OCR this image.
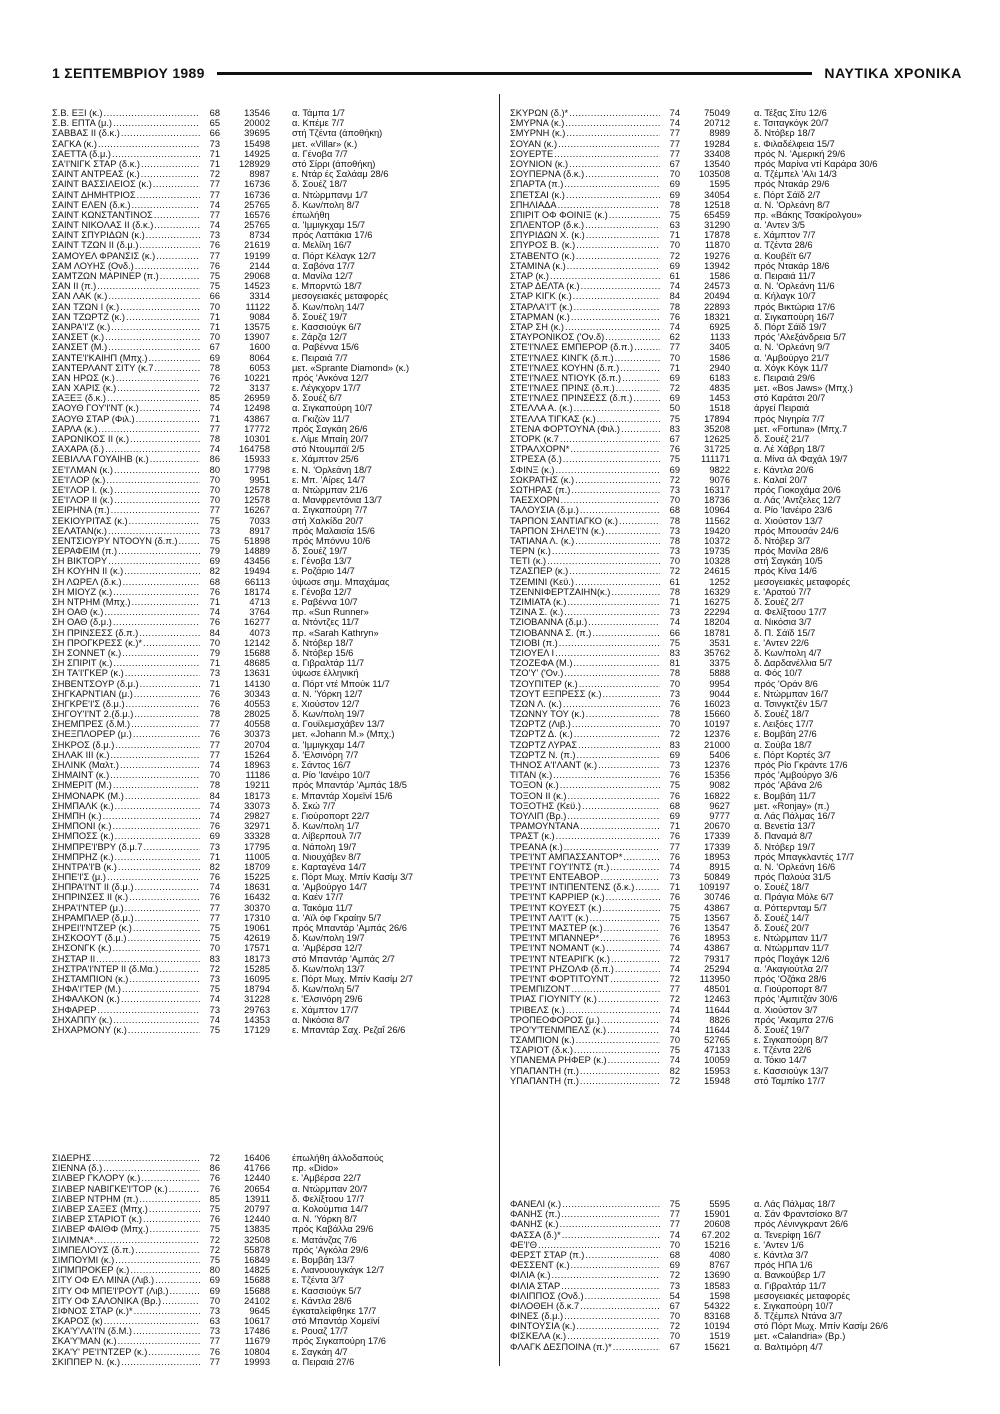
1 ΣΕΠΤΕΜΒΡΙΟΥ 1989	ΝΑΥΤΙΚΑ ΧΡΟΝΙΚΑ
Σ.Β. ΕΞΙ (κ.) .....	68	13546	α. Τάμπα 1/7
Σ.Β. ΕΠΤΑ (μ.) .....	65	20002	α. Κπέμε 7/7
ΣΑΒΒΑΣ II (δ.κ.) .....	66	39695	στή Τζέντα (άποθήκη)
ΣΑΓΚΑ (κ.) .....	73	15498	μετ. «Villar» (κ.)
ΣΑΕΤΤΑ (δ.μ.) .....	71	14925	α. Γένοβα 7/7
ΣΑ'Ι'ΝΙΓΚ ΣΤΑΡ (δ.κ.) .....	71	128929	στό Σίρρι (άποθήκη)
ΣΑΙΝΤ ΑΝΤΡΕΑΣ (κ.) .....	72	8987	ε. Ντάρ ές Σαλάαμ 28/6
ΣΑΙΝΤ ΒΑΣΣΙΛΕΙΟΣ (κ.) .....	77	16736	δ. Σουέζ 18/7
ΣΑΙΝΤ ΔΗΜΗΤΡΙΟΣ .....	77	16736	α. Ντώρμπανμ 1/7
ΣΑΙΝΤ ΕΛΕΝ (δ.κ.) .....	74	25765	δ. Κων/πολη 8/7
ΣΑΙΝΤ ΚΩΝΣΤΑΝΤΙΝΟΣ .....	77	16576	έπωλήθη
ΣΑΙΝΤ ΝΙΚΟΛΑΣ II (δ.κ.) .....	74	25765	α. 'Ιμμιγκχαμ 15/7
ΣΑΙΝΤ ΣΠΥΡΙΔΩΝ (κ.) .....	73	8734	πρός Λαττάκια 17/6
ΣΑΙΝΤ ΤΖΩΝ II (δ.μ.) .....	76	21619	α. Μελίλη 16/7
ΣΑΜΟΥΕΛ ΦΡΑΝΣΙΣ (κ.) .....	77	19199	α. Πόρτ Κέλαγκ 12/7
ΣΑΜ ΛΟΥΗΣ (Ονδ.) .....	76	2144	α. Σαβόνα 17/7
ΣΑΜΤΖΩΝ ΜΑΡΙΝΕΡ (π.) .....	75	29068	α. Μανίλα 12/7
ΣΑΝ II (π.) .....	75	14523	ε. Μπορντώ 18/7
ΣΑΝ ΛΑΚ (κ.) .....	66	3314	μεσογειακές μεταφορές
ΣΑΝ ΤΖΩΝ I (κ.) .....	70	11122	δ. Κων/πολη 14/7
ΣΑΝ ΤΖΩΡΤΖ (κ.) .....	71	9084	δ. Σουέζ 19/7
ΣΑΝΡΑ'Ι'Ζ (κ.) .....	71	13575	ε. Κασσιούγκ 6/7
ΣΑΝΣΕΤ (κ.) .....	70	13907	ε. Ζάρζα 12/7
ΣΑΝΣΕΤ (Μ.) .....	67	1600	α. Ραβέννα 15/6
ΣΑΝΤΕ'Ι'ΚΑΙΗΠ (Μπχ.) .....	69	8064	ε. Πειραιά 7/7
ΣΑΝΤΕΡΛΑΝΤ ΣΙΤΥ (κ.7 .....	78	6053	μετ. «Sprante Diamond» (κ.)
ΣΑΝ ΗΡΩΣ (κ.) .....	76	10221	πρός 'Ανκόνα 12/7
ΣΑΝ ΧΑΡΙΣ (κ.) .....	72	3137	ε. Λέγκχορν 17/7
ΣΑΞΕΞ (δ.κ.) .....	85	26959	δ. Σουέζ 6/7
ΣΑΟΥΘ ΓΟΥ'Ι'ΝΤ (κ.) .....	74	12498	α. Σιγκαπούρη 10/7
ΣΑΟΥΘ ΣΤΑΡ (Φιλ.) .....	71	43867	α. Γκιζών 11/7
ΣΑΡΛΑ (κ.) .....	77	17772	πρός Σαγκάη 26/6
ΣΑΡΩΝΙΚΟΣ II (κ.) .....	78	10301	ε. Λίμε Μπαίη 20/7
ΣΑΧΑΡΑ (δ.) .....	74	164758	στό Ντουμπάϊ 2/5
ΣΕΒΙΛΛΑ ΓΟΥΑΙΗΒ (κ.) .....	86	15933	ε. Χάμπτον 25/6
ΣΕ'Ι'ΛΜΑΝ (κ.) .....	80	17798	ε. Ν. 'Ορλεάνη 18/7
ΣΕ'Ι'ΛΟΡ (κ.) .....	70	9951	ε. Μπ. 'Αίρες 14/7
ΣΕ'Ι'ΛΟΡ I. (κ.) .....	70	12578	α. Ντώρμπαν 21/6
ΣΕ'Ι'ΛΟΡ II (κ.) .....	70	12578	α. Μανφρεντόνια 13/7
ΣΕΙΡΗΝΑ (π.) .....	77	16267	α. Σιγκαπούρη 7/7
ΣΕΚΙΟΥΡΙΤΑΣ (κ.) .....	75	7033	στή Χαλκίδα 20/7
ΣΕΛΑΤΑΝ(κ.) .....	73	8917	πρός Μαλαισία 15/6
ΣΕΝΤΣΙΟΥΡΥ ΝΤΟΟΥΝ (δ.π.) .....	75	51898	πρός Μπόννυ 10/6
ΣΕΡΑΦΕΙΜ (π.) .....	79	14889	δ. Σουέζ 19/7
ΣΗ ΒΙΚΤΟΡΥ .....	69	43456	ε. Γένοβα 13/7
ΣΗ ΚΟΥΗΝ II (κ.) .....	82	19494	ε. Ροζάριο 14/7
ΣΗ ΛΩΡΕΛ (δ.κ.) .....	68	66113	ύψωσε σημ. Μπαχάμας
ΣΗ ΜΙΟΥΖ (κ.) .....	76	18174	ε. Γένοβα 12/7
ΣΗ ΝΤΡΗΜ (Μπχ.) .....	71	4713	ε. Ραβέννα 10/7
ΣΗ ΟΑΘ (κ.) .....	74	3764	πρ. «Sun Runner»
ΣΗ ΟΑΘ (δ.μ.) .....	76	16277	α. Ντόντζες 11/7
ΣΗ ΠΡΙΝΣΕΣΣ (δ.π.) .....	84	4073	πρ. «Sarah Kathryn»
ΣΗ ΠΡΟΓΚΡΕΣΣ (κ.)* .....	70	12142	δ. Ντόβερ 18/7
ΣΗ ΣΟΝΝΕΤ (κ.) .....	79	15688	δ. Ντόβερ 15/6
ΣΗ ΣΠΙΡΙΤ (κ.) .....	71	48685	α. Γιβραλτάρ 11/7
ΣΗ ΤΑ'Ι'ΓΚΕΡ (κ.) .....	73	13631	ύψωσε έλληνική
ΣΗΒΕΝΤΣΟΥΡ (δ.μ.) .....	71	14130	α. Πόρτ ντέ Μπούκ 11/7
ΣΗΓΚΑΡΝΤΙΑΝ (μ.) .....	76	30343	α. Ν. 'Υόρκη 12/7
ΣΗΓΚΡΕ'Ι'Σ (δ.μ.) .....	76	40553	ε. Χιούστον 12/7
ΣΗΓΟΥ'Ι'ΝΤ 2.(δ.μ.) .....	78	28025	δ. Κων/πολη 19/7
ΣΗΕΜΠΡΕΣ (δ.Μ.) .....	77	40558	α. Γουϊλεμσχάβεν 13/7
ΣΗΕΞΠΛΟΡΕΡ (μ.) .....	76	30373	μετ. «Johann M.» (Μπχ.)
ΣΗΚΡΟΣ (δ.μ.) .....	77	20704	α. 'Ιμμιγκχαμ 14/7
ΣΗΛΑΚ III (κ.) .....	77	15264	δ. 'Ελσινόρη 7/7
ΣΗΛΙΝΚ (Μαλτ.) .....	74	18963	ε. Σάντος 16/7
ΣΗΜΑΙΝΤ (κ.) .....	70	11186	α. Ρίο 'Ιανέιρο 10/7
ΣΗΜΕΡΙΤ (Μ.) .....	78	19211	πρός Μπαντάρ 'Αμπάς 18/5
ΣΗΜΟΝΑΡΚ (Μ.) .....	84	18173	ε. Μπαντάρ Χομεϊνί 15/6
ΣΗΜΠΑΛΚ (κ.) .....	74	33073	δ. Σκώ 7/7
ΣΗΜΠΗ (κ.) .....	74	29827	ε. Γιούροπορτ 22/7
ΣΗΜΠΟΝΙ (κ.) .....	76	32971	δ. Κων/πολη 1/7
ΣΗΜΠΟΣΣ (κ.) .....	69	33328	α. Λίβερπουλ 7/7
ΣΗΜΠΡΕ'Ι'ΒΡΥ (δ.μ.7 .....	73	17795	α. Νάπολη 19/7
ΣΗΜΠΡΗΖ (κ.) .....	71	11005	α. Νιουχάβεν 8/7
ΣΗΝΤΡΑ'Ι'Β (κ.) .....	82	18709	ε. Καρταγένα 14/7
ΣΗΠΕ'Ι'Σ (μ.) .....	76	15225	ε. Πόρτ Μωχ. Μπίν Κασίμ 3/7
ΣΗΠΡΑ'Ι'ΝΤ II (δ.μ.) .....	74	18631	α. 'Αμβούργο 14/7
ΣΗΠΡΙΝΣΕΣ II (κ.) .....	76	16432	α. Καέν 17/7
ΣΗΡΑ'Ι'ΝΤΕΡ (μ.) .....	77	30370	α. Τακόμα 11/7
ΣΗΡΑΜΠΛΕΡ (δ.μ.) .....	77	17310	α. 'Αϊλ όφ Γκραίην 5/7
ΣΗΡΕΙ'Ι'ΝΤΖΕΡ (κ.) .....	75	19061	πρός Μπαντάρ 'Αμπάς 26/6
ΣΗΣΚΟΟΥΤ (δ.μ.) .....	75	42619	δ. Κων/πολη 19/7
ΣΗΣΟΝΓΚ (κ.) .....	70	17571	α. 'Αμβέρσα 12/7
ΣΗΣΤΑΡ II .....	83	18173	στό Μπαντάρ 'Αμπάς 2/7
ΣΗΣΤΡΑ'Ι'ΝΤΕΡ II (δ.Μα.) .....	72	15285	δ. Κων/πολη 13/7
ΣΗΣΤΑΜΠΙΟΝ (κ.) .....	73	16095	ε. Πόρτ Μωχ. Μπίν Κασίμ 2/7
ΣΗΦΑ'Ι'ΤΕΡ (Μ.) .....	75	18794	δ. Κων/πολη 5/7
ΣΗΦΑΛΚΟΝ (κ.) .....	74	31228	ε. 'Ελσινόρη 29/6
ΣΗΦΑΡΕΡ .....	73	29763	ε. Χάμπτον 17/7
ΣΗΧΑΠΠΥ (κ.) .....	74	14353	α. Νικόσια 8/7
ΣΗΧΑΡΜΟΝΥ (κ.) .....	75	17129	ε. Μπαντάρ Σαχ. Ρεζαΐ 26/6
ΣΙΔΕΡΗΣ .....	72	16406	έπωλήθη άλλοδαπούς
ΣΙΕΝΝΑ (δ.) .....	86	41766	πρ. «Dido»
ΣΙΛΒΕΡ ΓΚΛΟΡΥ (κ.) .....	76	12440	ε. 'Αμβέρσα 22/7
ΣΙΛΒΕΡ ΝΑΒΙΓΚΕ'Ι'ΤΟΡ (κ.) .....	76	20654	α. Ντώρμπαν 20/7
ΣΙΛΒΕΡ ΝΤΡΗΜ (π.) .....	85	13911	δ. Φελίξτοου 17/7
ΣΙΛΒΕΡ ΣΑΞΕΣ (Μπχ.) .....	75	20797	α. Κολούμπια 14/7
ΣΙΛΒΕΡ ΣΤΑΡΙΟΤ (κ.) .....	76	12440	α. Ν. 'Υόρκη 8/7
ΣΙΛΒΕΡ ΦΑΙΘΦ (Μπχ.) .....	75	13835	πρός Καβάλλα 29/6
ΣΙΛΙΜΝΑ* .....	72	32508	ε. Ματάνζας 7/6
ΣΙΜΠΕΛΙΟΥΣ (δ.π.) .....	72	55878	πρός 'Αγκόλα 29/6
ΣΙΜΠΟΥΜΙ (κ.) .....	75	16849	ε. Βομβάη 13/7
ΣΙΠΜΠΡΟΚΕΡ (κ.) .....	80	14825	ε. Λιανουουγκάγκ 12/7
ΣΙΤΥ ΟΦ ΕΛ ΜΙΝΑ (Λιβ.) .....	69	15688	ε. Τζέντα 3/7
ΣΙΤΥ ΟΦ ΜΠΕ'Ι'ΡΟΥΤ (Λιβ.) .....	69	15688	ε. Κασσιούγκ 5/7
ΣΙΤΥ ΟΦ ΣΑΛΟΝΙΚΑ (Βρ.) .....	70	24102	ε. Κάντλα 28/6
ΣΙΦΝΟΣ ΣΤΑΡ (κ.)* .....	73	9645	έγκαταλείφθηκε 17/7
ΣΚΑΡΟΣ (κ) .....	63	10617	στό Μπαντάρ Χομεϊνί
ΣΚΑ'Υ'ΛΑ'Ι'Ν (δ.Μ.) .....	73	17486	ε. Ρουαζ 17/7
ΣΚΑ'Υ'ΜΑΝ (κ.) .....	77	11679	πρός Σιγκαπούρη 17/6
ΣΚΑ'Υ' ΡΕ'Ι'ΝΤΖΕΡ (κ.) .....	76	10804	ε. Σαγκάη 4/7
ΣΚΙΠΠΕΡ Ν. (κ.) .....	77	19993	α. Πειραιά 27/6
ΣΚΥΡΩΝ (δ.)* .....	74	75049	α. Τέξας Σίτυ 12/6
ΣΜΥΡΝΑ (κ.) .....	74	20712	ε. Τσιταγκόγκ 20/7
ΣΜΥΡΝΗ (κ.) .....	77	8989	δ. Ντόβερ 18/7
ΣΟΥΑΝ (κ.) .....	77	19284	ε. Φιλαδέλφεια 15/7
ΣΟΥΕΡΤΕ .....	77	33408	πρός Ν. 'Αμερική 29/6
ΣΟΥΝΙΟΝ (κ.) .....	67	13540	πρός Μαρίνα ντί Καράρα 30/6
ΣΟΥΠΕΡΝΑ (δ.κ.) .....	70	103508	α. Τζέμπελ 'Αλι 14/3
ΣΠΑΡΤΑ (π.) .....	69	1595	πρός Ντακάρ 29/6
ΣΠΕΤΣΑΙ (κ.) .....	69	34054	ε. Πόρτ Σάϊδ 2/7
ΣΠΗΛΙΑΔΑ .....	78	12518	α. Ν. 'Ορλεάνη 8/7
ΣΠΙΡΙΤ ΟΦ ΦΟΙΝΙΞ (κ.) .....	75	65459	πρ. «Βάκης Τσακίρολγου»
ΣΠΛΕΝΤΟΡ (δ.κ.) .....	63	31290	α. 'Αντεν 3/5
ΣΠΥΡΙΔΩΝ Χ. (κ.) .....	71	17878	ε. Χάμπτον 7/7
ΣΠΥΡΟΣ Β. (κ.) .....	70	11870	α. Τζέντα 28/6
ΣΤΑΒΕΝΤΟ (κ.) .....	72	19276	α. Κουβέϊτ 6/7
ΣΤΑΜΙΝΑ (κ.) .....	69	13942	πρός Ντακάρ 18/6
ΣΤΑΡ (κ.) .....	61	1586	α. Πειραιά 11/7
ΣΤΑΡ ΔΕΛΤΑ (κ.) .....	74	24573	α. Ν. 'Ορλεάνη 11/6
ΣΤΑΡ ΚΙΓΚ (κ.) .....	84	20494	α. Κήλαγκ 10/7
ΣΤΑΡΛΑ'Ι'Τ (κ.) .....	78	22893	πρός Βικτώρια 17/6
ΣΤΑΡΜΑΝ (κ.) .....	76	18321	α. Σιγκαπούρη 16/7
ΣΤΑΡ ΣΗ (κ.) .....	74	6925	δ. Πόρτ Σάϊδ 19/7
ΣΤΑΥΡΟΝΙΚΟΣ ('Ον.δ) .....	62	1133	πρός 'Αλεξάνδρεια 5/7
ΣΤΕ'Ι'ΝΛΕΣ ΕΜΠΕΡΟΡ (δ.π.) .....	77	3405	α. Ν. 'Ορλεάνη 9/7
ΣΤΕ'Ι'ΝΛΕΣ ΚΙΝΓΚ (δ.π.) .....	70	1586	α. 'Αμβούργο 21/7
ΣΤΕ'Ι'ΝΛΕΣ ΚΟΥΗΝ (δ.π.) .....	71	2940	α. Χόγκ Κόγκ 11/7
ΣΤΕ'Ι'ΝΛΕΣ ΝΤΙΟΥΚ (δ.π.) .....	69	6183	ε. Πειραιά 29/6
ΣΤΕ'Ι'ΝΛΕΣ ΠΡΙΝΣ (δ.π.) .....	72	4835	μετ. «Bos Jaws» (Μπχ.)
ΣΤΕ'Ι'ΝΛΕΣ ΠΡΙΝΣΕΣΣ (δ.π.) .....	69	1453	στό Καράτσι 20/7
ΣΤΕΛΛΑ Α. (κ.) .....	50	1518	άργεί Πειραιά
ΣΤΕΛΛΑ ΤΙΓΚΑΣ (κ.) .....	75	17894	πρός Νιγηρία 7/7
ΣΤΕΝΑ ΦΟΡΤΟΥΝΑ (Φιλ.) .....	83	35208	μετ. «Fortuna» (Μπχ.7
ΣΤΟΡΚ (κ.7 .....	67	12625	δ. Σουέζ 21/7
ΣΤΡΑΛΧΟΡΝ* .....	76	31725	α. Λέ Χάβρη 18/7
ΣΤΡΕΣΑ (δ.) .....	75	111171	α. Μίνα άλ Φαχάλ 19/7
ΣΦΙΝΞ (κ.) .....	69	9822	ε. Κάντλα 20/6
ΣΩΚΡΑΤΗΣ (κ.) .....	72	9076	ε. Καλαί 20/7
ΣΩΤΗΡΑΣ (π.) .....	73	16317	πρός Γιοκοχάμα 20/6
ΤΑΕΣΧΟΡΝ .....	70	18736	α. Λάς 'Αντζελες 12/7
ΤΑΛΟΥΣΙΑ (δ.μ.) .....	68	10964	α. Ρίο 'Ιανέιρο 23/6
ΤΑΡΠΟΝ ΣΑΝΤΙΑΓΚΟ (κ.) .....	78	11562	α. Χιούστον 13/7
ΤΑΡΠΟΝ ΣΗΛΕ'Ι'Ν (κ.) .....	73	19420	πρός Μπουσάν 24/6
ΤΑΤΙΑΝΑ Λ. (κ.) .....	78	10372	δ. Ντόβερ 3/7
ΤΕΡΝ (κ.) .....	73	19735	πρός Μανίλα 28/6
ΤΕΤΙ (κ.) .....	70	10328	στή Σαγκάη 10/5
ΤΖΑΣΠΕΡ (κ.) .....	72	24615	πρός Κίνα 14/6
ΤΖΕΜΙΝΙ (Κεϋ.) .....	61	1252	μεσογειακές μεταφορές
ΤΖΕΝΝΙΦΕΡΤΖΑΙΗΝ(κ.) .....	78	16329	ε. 'Αρατού 7/7
ΤΖΙΜΙΑΤΑ (κ.) .....	71	16275	δ. Σουέζ 2/7
ΤΖΙΝΑ Σ. (κ.) .....	73	22294	α. Φελίξτοου 17/7
ΤΖΙΟΒΑΝΝΑ (δ.μ.) .....	74	18204	α. Νικόσια 3/7
ΤΖΙΟΒΑΝΝΑ Σ. (π.) .....	66	18781	δ. Π. Σάϊδ 15/7
ΤΖΙΟΒΙ (π.) .....	75	3531	ε. 'Αντεν 22/6
ΤΖΙΟΥΕΛ I .....	83	35762	δ. Κων/πολη 4/7
ΤΖΟΖΕΦΑ (Μ.) .....	81	3375	δ. Δαρδανέλλια 5/7
ΤΖΟ'Υ' ('Ον.) .....	78	5888	α. Φός 10/7
ΤΖΟΥΠΙΤΕΡ (κ.) .....	70	9954	πρός 'Οράν 8/6
ΤΖΟΥΤ ΕΞΠΡΕΣΣ (κ.) .....	73	9044	ε. Ντώρμπαν 16/7
ΤΖΩΝ Λ. (κ.) .....	76	16023	α. Τσινγκτζέν 15/7
ΤΖΩΝΝΥ ΤΟΥ (κ.) .....	78	15660	δ. Σουέζ 18/7
ΤΖΩΡΤΖ (Λιβ.) .....	70	10197	ε. Λειξόες 17/7
ΤΖΩΡΤΖ Δ. (κ.) .....	72	12376	ε. Βομβάη 27/6
ΤΖΩΡΤΖ ΛΥΡΑΣ .....	83	21000	α. Σούβα 18/7
ΤΖΩΡΤΖ Ν. (π.) .....	69	5406	ε. Πόρτ Κορτές 3/7
ΤΗΝΟΣ Α'Ι'ΛΑΝΤ (κ.) .....	73	12376	πρός Ρίο Γκράντε 17/6
ΤΙΤΑΝ (κ.) .....	76	15356	πρός 'Αμβούργο 3/6
ΤΟΞΟΝ (κ.) .....	75	9082	πρός 'Αβάνα 2/6
ΤΟΞΟΝ II (κ.) .....	76	16822	ε. Βομβάη 11/7
ΤΟΞΟΤΗΣ (Κεϋ.) .....	68	9627	μετ. «Ronjay» (π.)
ΤΟΥΛΙΠ (Βρ.) .....	69	9777	α. Λάς Πάλμας 16/7
ΤΡΑΜΟΥΝΤΑΝΑ .....	71	20670	α. Βενετία 13/7
ΤΡΑΣΤ (κ.) .....	76	17339	δ. Παναμά 8/7
ΤΡΕΑΝΑ (κ.) .....	77	17339	δ. Ντόβερ 19/7
ΤΡΕ'Ι'ΝΤ ΑΜΠΑΣΣΑΝΤΟΡ* .....	76	18953	πρός Μπαγκλαντές 17/7
ΤΡΕ'Ι'ΝΤ ΓΟΥ'Ι'ΝΤΣ (π.) .....	74	8915	α. Ν. 'Ορλεάνη 16/6
ΤΡΕ'Ι'ΝΤ ΕΝΤΕΑΒΟΡ .....	73	50849	πρός Παλούα 31/5
ΤΡΕ'Ι'ΝΤ ΙΝΤΙΠΕΝΤΕΝΣ (δ.κ.) .....	71	109197	ο. Σουέζ 18/7
ΤΡΕ'Ι'ΝΤ ΚΑΡΡΙΕΡ (κ.) .....	76	30746	α. Πράγια Μόλε 6/7
ΤΡΕ'Ι'ΝΤ ΚΟΥΕΣΤ (κ.) .....	75	43867	α. Ρόττερνταμ 5/7
ΤΡΕ'Ι'ΝΤ ΛΑ'Ι'Τ (κ.) .....	75	13567	δ. Σουέζ 14/7
ΤΡΕ'Ι'ΝΤ ΜΑΣΤΕΡ (κ.) .....	76	13547	δ. Σουέζ 20/7
ΤΡΕ'Ι'ΝΤ ΜΠΑΝΝΕΡ* .....	76	18953	ε. Ντώρμπαν 11/7
ΤΡΕ'Ι'ΝΤ ΝΟΜΑΝΤ (κ.) .....	74	43867	α. Ντώρμπαν 11/7
ΤΡΕ'Ι'ΝΤ ΝΤΕΑΡΙΓΚ (κ.) .....	72	79317	πρός Ποχάγκ 12/6
ΤΡΕ'Ι'ΝΤ ΡΗΖΟΛΦ (δ.π.) .....	74	25294	α. 'Ακαγιούτλα 2/7
ΤΡΕ'Ι'ΝΤ ΦΟΡΤΙΤΟΥΝΤ .....	72	113950	πρός 'Οζάκα 28/6
ΤΡΕΜΠΙΖΟΝΤ .....	77	48501	α. Γιούροπορτ 8/7
ΤΡΙΑΣ ΓΙΟΥΝΙΤΥ (κ.) .....	72	12463	πρός 'Αμπιτζάν 30/6
ΤΡΙΒΕΛΣ (κ.) .....	74	11644	α. Χιούστον 3/7
ΤΡΟΠΕΟΦΟΡΟΣ (μ.) .....	74	8826	πρός 'Ακαμπα 27/6
ΤΡΟ'Υ'ΤΕΝΜΠΕΛΣ (κ.) .....	74	11644	δ. Σουέζ 19/7
ΤΣΑΜΠΙΟΝ (κ.) .....	70	52765	ε. Σιγκαπούρη 8/7
ΤΣΑΡΙΟΤ (δ.κ.) .....	75	47133	ε. Τζέντα 22/6
ΥΠΑΝΕΜΑ ΡΗΦΕΡ (κ.) .....	74	10059	α. Τόκιο 14/7
ΥΠΑΠΑΝΤΗ (π.) .....	82	15953	ε. Κασσιούγκ 13/7
ΥΠΑΠΑΝΤΗ (π.) .....	72	15948	στό Ταμπίκο 17/7
ΦΑΝΕΛΙ (κ.) .....	75	5595	α. Λάς Πάλμας 18/7
ΦΑΝΗΣ (π.) .....	77	15901	α. Σάν Φραντσίσκο 8/7
ΦΑΝΗΣ (κ.) .....	77	20608	πρός Λένινγκραντ 26/6
ΦΑΣΣΑ (δ.)* .....	74	67.202	α. Τενερίφη 16/7
ΦΕ'Ι'Θ .....	70	15216	ε. 'Αντεν 1/6
ΦΕΡΣΤ ΣΤΑΡ (π.) .....	68	4080	ε. Κάντλα 3/7
ΦΕΣΣΕΝΤ (κ.) .....	69	8767	πρός ΗΠΑ 1/6
ΦΙΛΙΑ (κ.) .....	72	13690	α. Βανκούβερ 1/7
ΦΙΛΙΑ ΣΤΑΡ .....	73	18583	α. Γιβραλτάρ 11/7
ΦΙΛΙΠΠΟΣ (Ονδ.) .....	54	1598	μεσογειακές μεταφορές
ΦΙΛΟΘΕΗ (δ.κ.7 .....	67	54322	ε. Σιγκαπούρη 10/7
ΦΙΝΕΣ (δ.μ.) .....	70	83168	δ. Τζέμπελ Ντάνα 3/7
ΦΙΝΤΟΥΣΙΑ (κ.) .....	72	10194	στό Πόρτ Μωχ. Μπίν Κασίμ 26/6
ΦΙΣΚΕΛΑ (κ.) .....	70	1519	μετ. «Calandria» (Βρ.)
ΦΛΑΓΚ ΔΕΣΠΟΙΝΑ (π.)* .....	67	15621	α. Βαλτιμόρη 4/7
